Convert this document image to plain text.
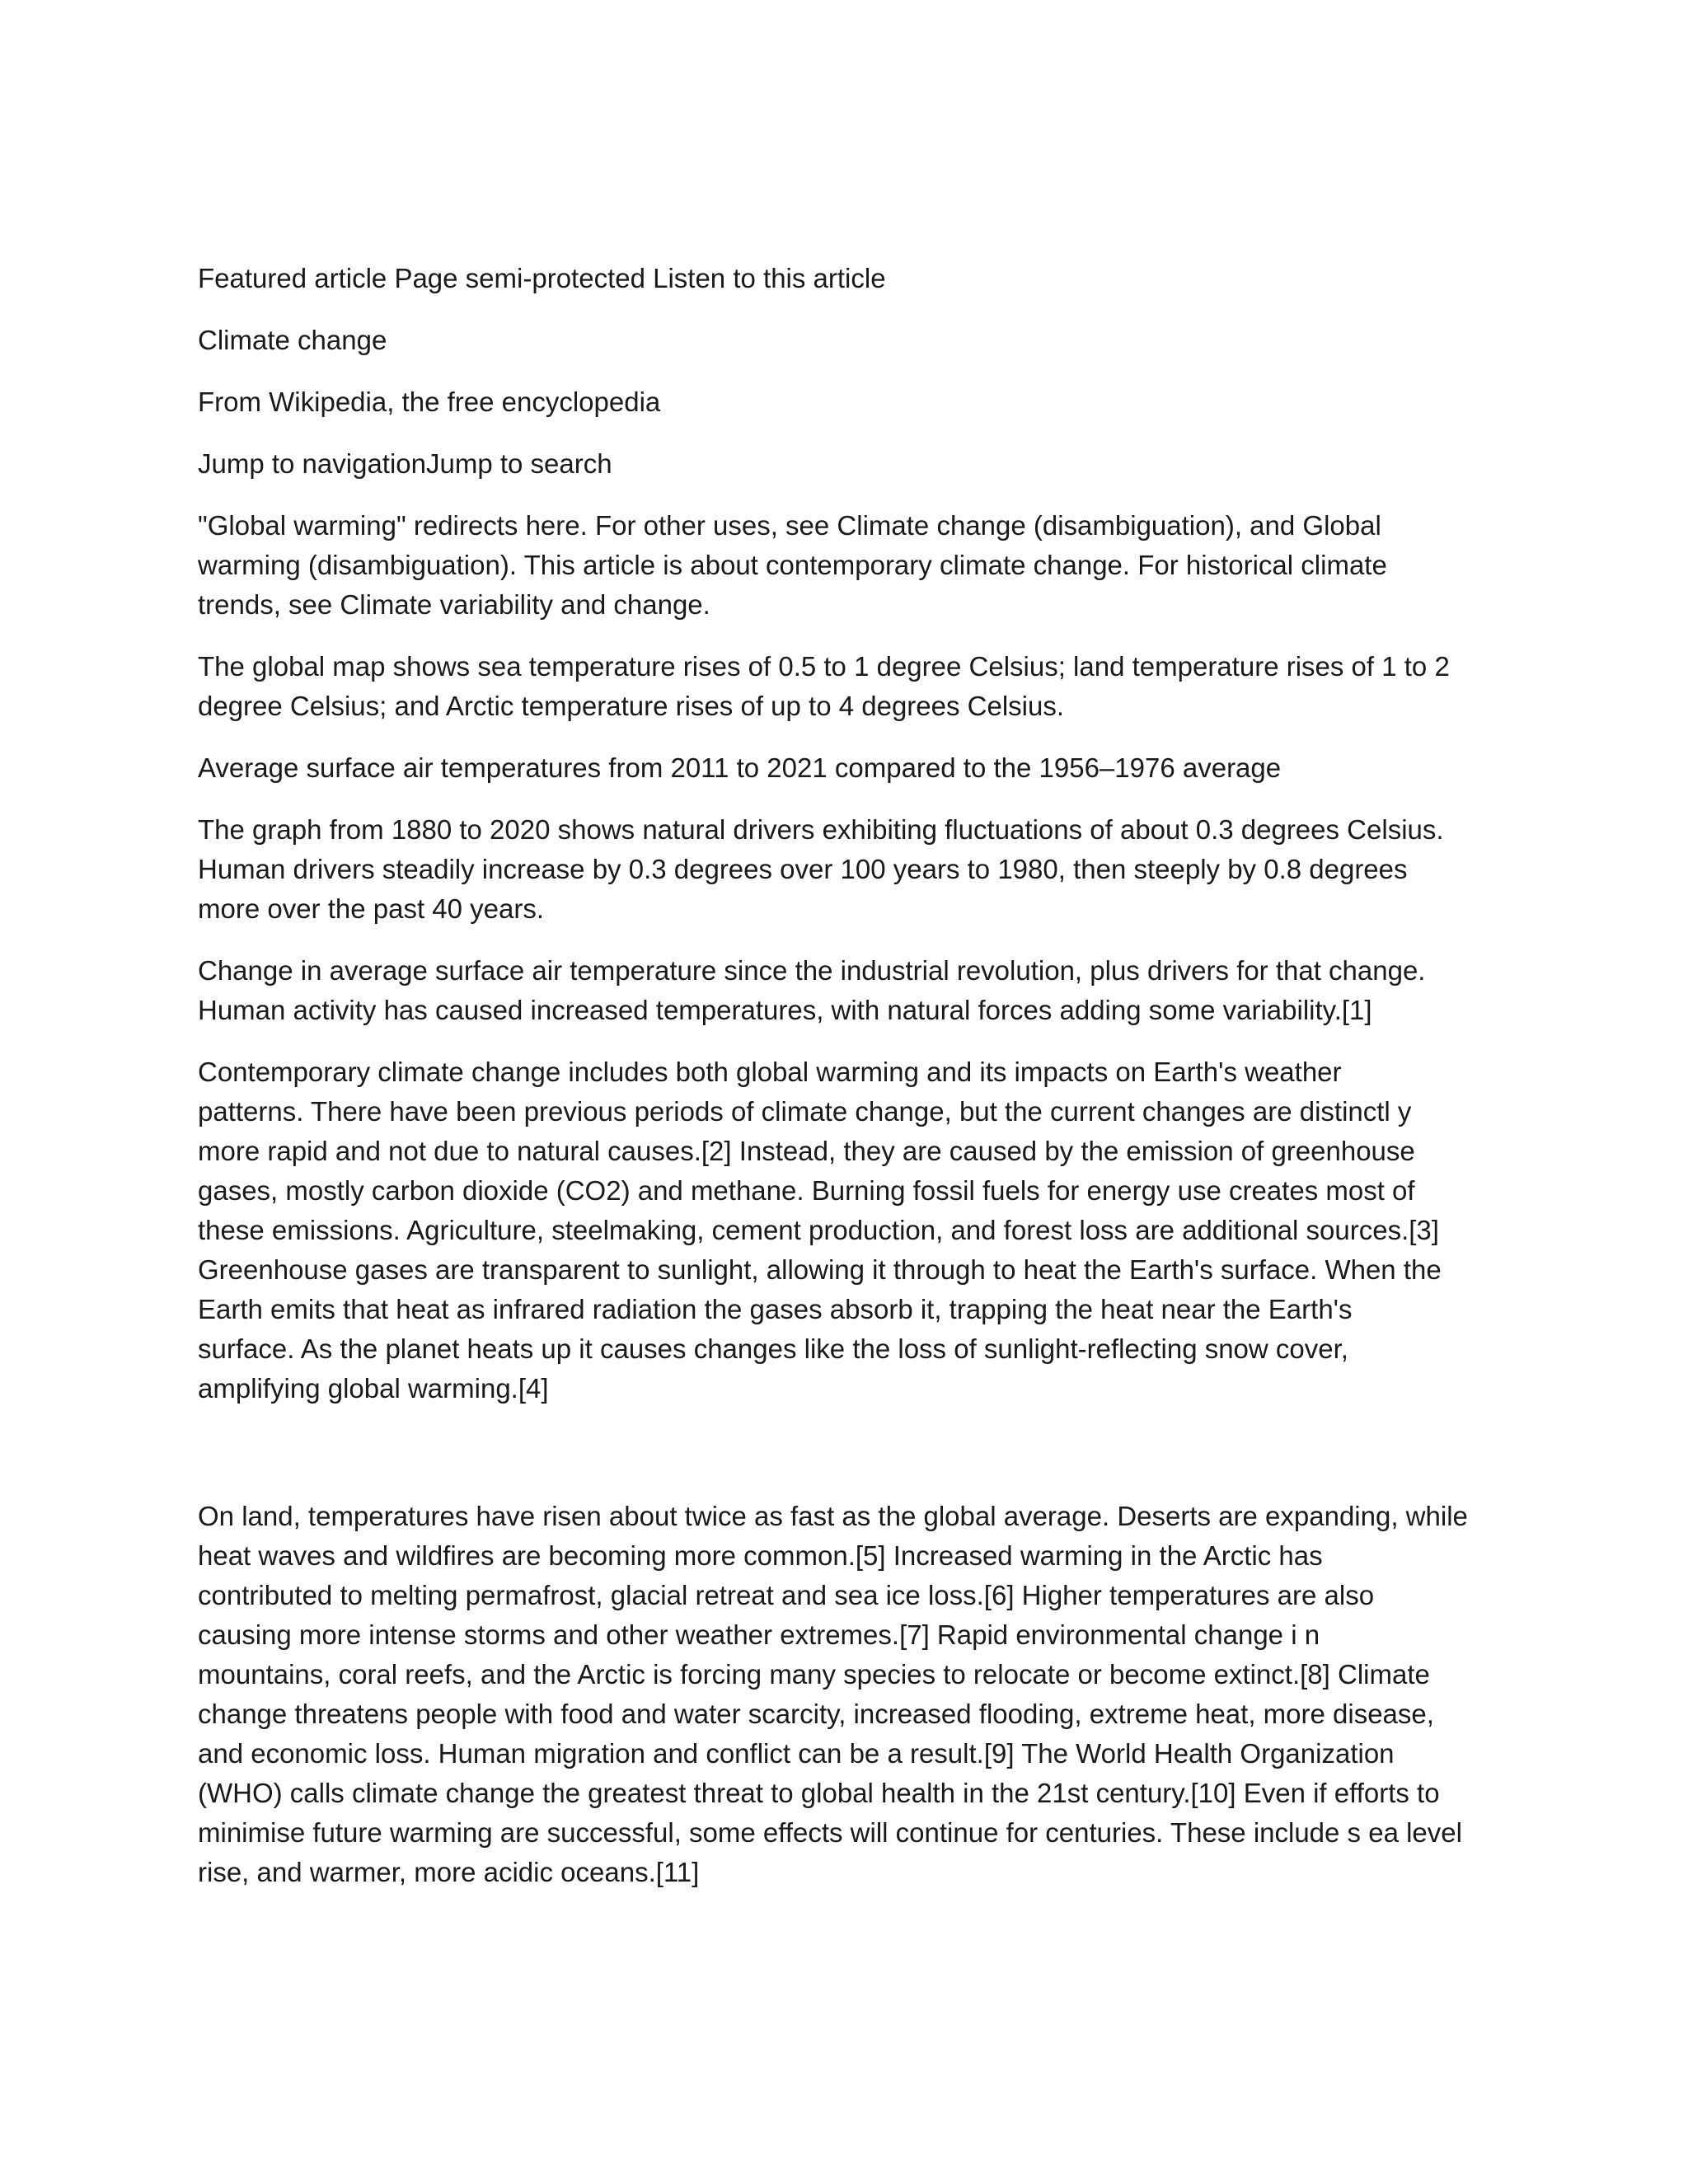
Featured article Page semi-protected Listen to this article

Climate change

From Wikipedia, the free encyclopedia

Jump to navigationJump to search

"Global warming" redirects here. For other uses, see Climate change (disambiguation), and Global
warming (disambiguation). This article is about contemporary climate change. For historical climate
trends, see Climate variability and change.

The global map shows sea temperature rises of 0.5 to 1 degree Celsius; land temperature rises of 1 to 2
degree Celsius; and Arctic temperature rises of up to 4 degrees Celsius.

Average surface air temperatures from 2011 to 2021 compared to the 1956–1976 average

The graph from 1880 to 2020 shows natural drivers exhibiting fluctuations of about 0.3 degrees Celsius.
Human drivers steadily increase by 0.3 degrees over 100 years to 1980, then steeply by 0.8 degrees
more over the past 40 years.

Change in average surface air temperature since the industrial revolution, plus drivers for that change.
Human activity has caused increased temperatures, with natural forces adding some variability.[1]

Contemporary climate change includes both global warming and its impacts on Earth's weather
patterns. There have been previous periods of climate change, but the current changes are distinctl y
more rapid and not due to natural causes.[2] Instead, they are caused by the emission of greenhouse
gases, mostly carbon dioxide (CO2) and methane. Burning fossil fuels for energy use creates most of
these emissions. Agriculture, steelmaking, cement production, and forest loss are additional sources.[3]
Greenhouse gases are transparent to sunlight, allowing it through to heat the Earth's surface. When the
Earth emits that heat as infrared radiation the gases absorb it, trapping the heat near the Earth's
surface. As the planet heats up it causes changes like the loss of sunlight-reflecting snow cover,
amplifying global warming.[4]

On land, temperatures have risen about twice as fast as the global average. Deserts are expanding, while
heat waves and wildfires are becoming more common.[5] Increased warming in the Arctic has
contributed to melting permafrost, glacial retreat and sea ice loss.[6] Higher temperatures are also
causing more intense storms and other weather extremes.[7] Rapid environmental change i n
mountains, coral reefs, and the Arctic is forcing many species to relocate or become extinct.[8] Climate
change threatens people with food and water scarcity, increased flooding, extreme heat, more disease,
and economic loss. Human migration and conflict can be a result.[9] The World Health Organization
(WHO) calls climate change the greatest threat to global health in the 21st century.[10] Even if efforts to
minimise future warming are successful, some effects will continue for centuries. These include s ea level
rise, and warmer, more acidic oceans.[11]
